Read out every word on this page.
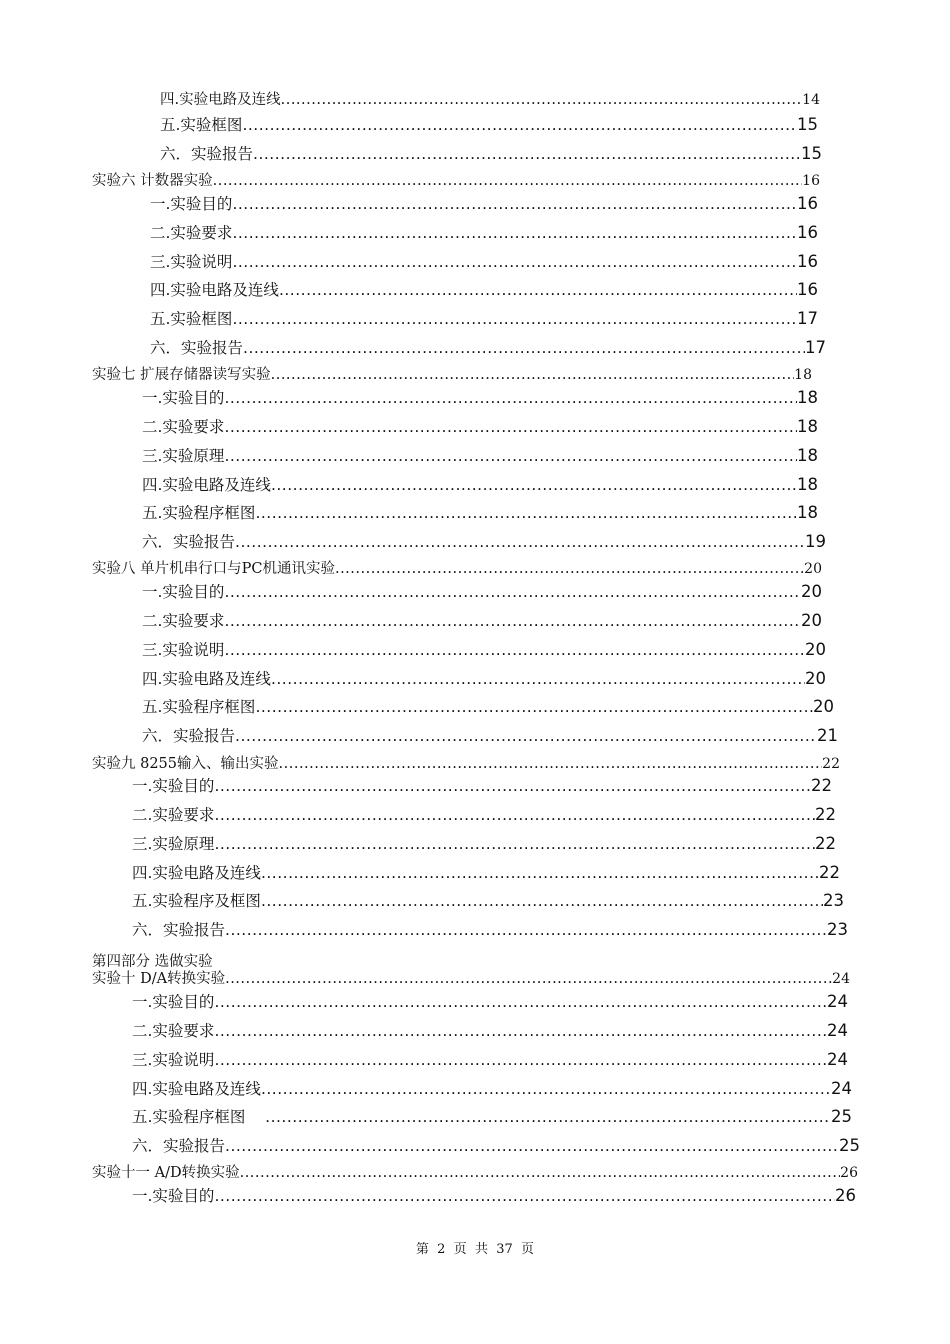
四.实验电路及连线 .....	14
五.实验框图 .....	15
六．实验报告 .....	15
实验六 计数器实验 .....	16
一.实验目的 .....	16
二.实验要求 .....	16
三.实验说明 .....	16
四.实验电路及连线 .....	16
五.实验框图 .....	17
六．实验报告 .....	17
实验七 扩展存储器读写实验 .....	18
一.实验目的 .....	18
二.实验要求 .....	18
三.实验原理 .....	18
四.实验电路及连线 .....	18
五.实验程序框图 .....	18
六．实验报告 .....	19
实验八 单片机串行口与PC机通讯实验 .....	20
一.实验目的 .....	20
二.实验要求 .....	20
三.实验说明 .....	20
四.实验电路及连线 .....	20
五.实验程序框图 .....	20
六．实验报告 .....	21
实验九 8255输入、输出实验 .....	22
一.实验目的 .....	22
二.实验要求 .....	22
三.实验原理 .....	22
四.实验电路及连线 .....	22
五.实验程序及框图 .....	23
六．实验报告 .....	23
第四部分 选做实验
实验十 D/A转换实验 .....	24
一.实验目的 .....	24
二.实验要求 .....	24
三.实验说明 .....	24
四.实验电路及连线 .....	24
五.实验程序框图 .....	25
六．实验报告 .....	25
实验十一 A/D转换实验 .....	26
一.实验目的 .....	26
第  2  页  共  37  页
